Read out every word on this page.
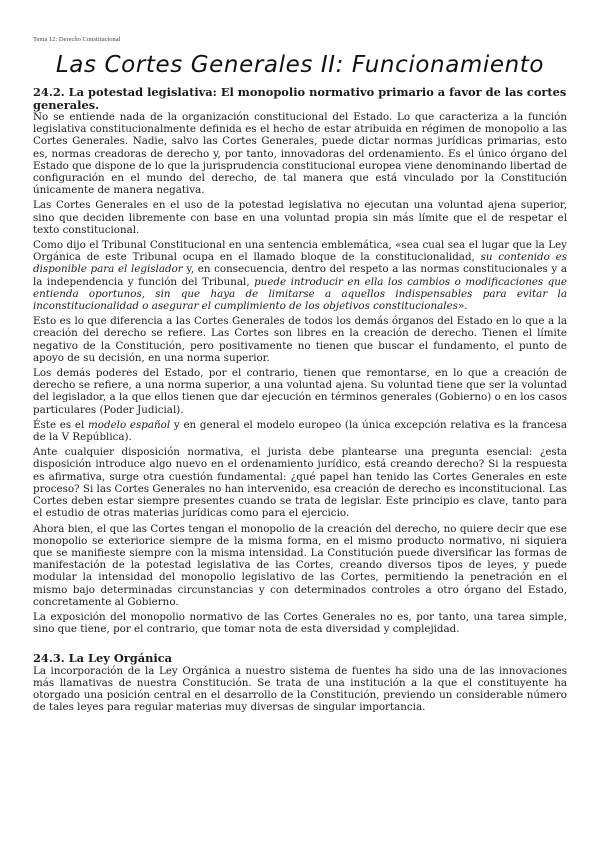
Tema 12: Derecho Constitucional
Las Cortes Generales II: Funcionamiento
24.2. La potestad legislativa: El monopolio normativo primario a favor de las cortes generales.

No se entiende nada de la organización constitucional del Estado. Lo que caracteriza a la función legislativa constitucionalmente definida es el hecho de estar atribuida en régimen de monopolio a las Cortes Generales. Nadie, salvo las Cortes Generales, puede dictar normas jurídicas primarias, esto es, normas creadoras de derecho y, por tanto, innovadoras del ordenamiento. Es el único órgano del Estado que dispone de lo que la jurisprudencia constitucional europea viene denominando libertad de configuración en el mundo del derecho, de tal manera que está vinculado por la Constitución únicamente de manera negativa.

Las Cortes Generales en el uso de la potestad legislativa no ejecutan una voluntad ajena superior, sino que deciden libremente con base en una voluntad propia sin más límite que el de respetar el texto constitucional.

Como dijo el Tribunal Constitucional en una sentencia emblemática, «sea cual sea el lugar que la Ley Orgánica de este Tribunal ocupa en el llamado bloque de la constitucionalidad, su contenido es disponible para el legislador y, en consecuencia, dentro del respeto a las normas constitucionales y a la independencia y función del Tribunal, puede introducir en ella los cambios o modificaciones que entienda oportunos, sin que haya de limitarse a aquellos indispensables para evitar la inconstitucionalidad o asegurar el cumplimiento de los objetivos constitucionales».

Esto es lo que diferencia a las Cortes Generales de todos los demás órganos del Estado en lo que a la creación del derecho se refiere. Las Cortes son libres en la creación de derecho. Tienen el límite negativo de la Constitución, pero positivamente no tienen que buscar el fundamento, el punto de apoyo de su decisión, en una norma superior.

Los demás poderes del Estado, por el contrario, tienen que remontarse, en lo que a creación de derecho se refiere, a una norma superior, a una voluntad ajena. Su voluntad tiene que ser la voluntad del legislador, a la que ellos tienen que dar ejecución en términos generales (Gobierno) o en los casos particulares (Poder Judicial).

Éste es el modelo español y en general el modelo europeo (la única excepción relativa es la francesa de la V República).

Ante cualquier disposición normativa, el jurista debe plantearse una pregunta esencial: ¿esta disposición introduce algo nuevo en el ordenamiento jurídico, está creando derecho? Si la respuesta es afirmativa, surge otra cuestión fundamental: ¿qué papel han tenido las Cortes Generales en este proceso? Si las Cortes Generales no han intervenido, esa creación de derecho es inconstitucional. Las Cortes deben estar siempre presentes cuando se trata de legislar. Este principio es clave, tanto para el estudio de otras materias jurídicas como para el ejercicio.

Ahora bien, el que las Cortes tengan el monopolio de la creación del derecho, no quiere decir que ese monopolio se exteriorice siempre de la misma forma, en el mismo producto normativo, ni siquiera que se manifieste siempre con la misma intensidad. La Constitución puede diversificar las formas de manifestación de la potestad legislativa de las Cortes, creando diversos tipos de leyes, y puede modular la intensidad del monopolio legislativo de las Cortes, permitiendo la penetración en el mismo bajo determinadas circunstancias y con determinados controles a otro órgano del Estado, concretamente al Gobierno.

La exposición del monopolio normativo de las Cortes Generales no es, por tanto, una tarea simple, sino que tiene, por el contrario, que tomar nota de esta diversidad y complejidad.

24.3. La Ley Orgánica

La incorporación de la Ley Orgánica a nuestro sistema de fuentes ha sido una de las innovaciones más llamativas de nuestra Constitución. Se trata de una institución a la que el constituyente ha otorgado una posición central en el desarrollo de la Constitución, previendo un considerable número de tales leyes para regular materias muy diversas de singular importancia.
